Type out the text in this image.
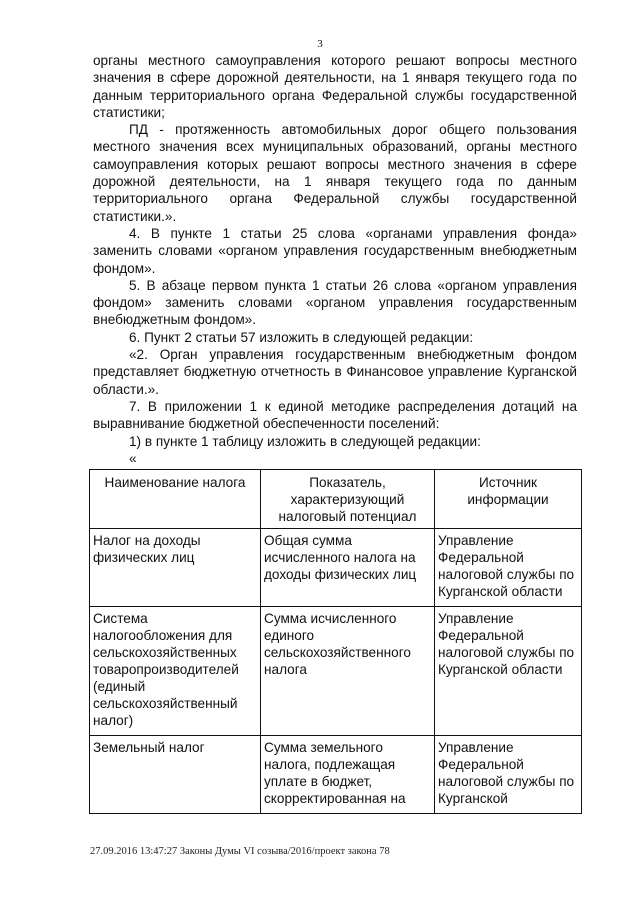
3

органы местного самоуправления которого решают вопросы местного значения в сфере дорожной деятельности, на 1 января текущего года по данным территориального органа Федеральной службы государственной статистики;

ПД - протяженность автомобильных дорог общего пользования местного значения всех муниципальных образований, органы местного самоуправления которых решают вопросы местного значения в сфере дорожной деятельности, на 1 января текущего года по данным территориального органа Федеральной службы государственной статистики.».

4. В пункте 1 статьи 25 слова «органами управления фонда» заменить словами «органом управления государственным внебюджетным фондом».

5. В абзаце первом пункта 1 статьи 26 слова «органом управления фондом» заменить словами «органом управления государственным внебюджетным фондом».

6. Пункт 2 статьи 57 изложить в следующей редакции:

«2. Орган управления государственным внебюджетным фондом представляет бюджетную отчетность в Финансовое управление Курганской области.».

7. В приложении 1 к единой методике распределения дотаций на выравнивание бюджетной обеспеченности поселений:

1) в пункте 1 таблицу изложить в следующей редакции:

«

Наименование налога	Показатель, характеризующий налоговый потенциал	Источник информации
Налог на доходы физических лиц	Общая сумма исчисленного налога на доходы физических лиц	Управление Федеральной налоговой службы по Курганской области
Система налогообложения для сельскохозяйственных товаропроизводителей (единый сельскохозяйственный налог)	Сумма исчисленного единого сельскохозяйственного налога	Управление Федеральной налоговой службы по Курганской области
Земельный налог	Сумма земельного налога, подлежащая уплате в бюджет, скорректированная на	Управление Федеральной налоговой службы по Курганской
27.09.2016 13:47:27 Законы Думы VI созыва/2016/проект закона 78
